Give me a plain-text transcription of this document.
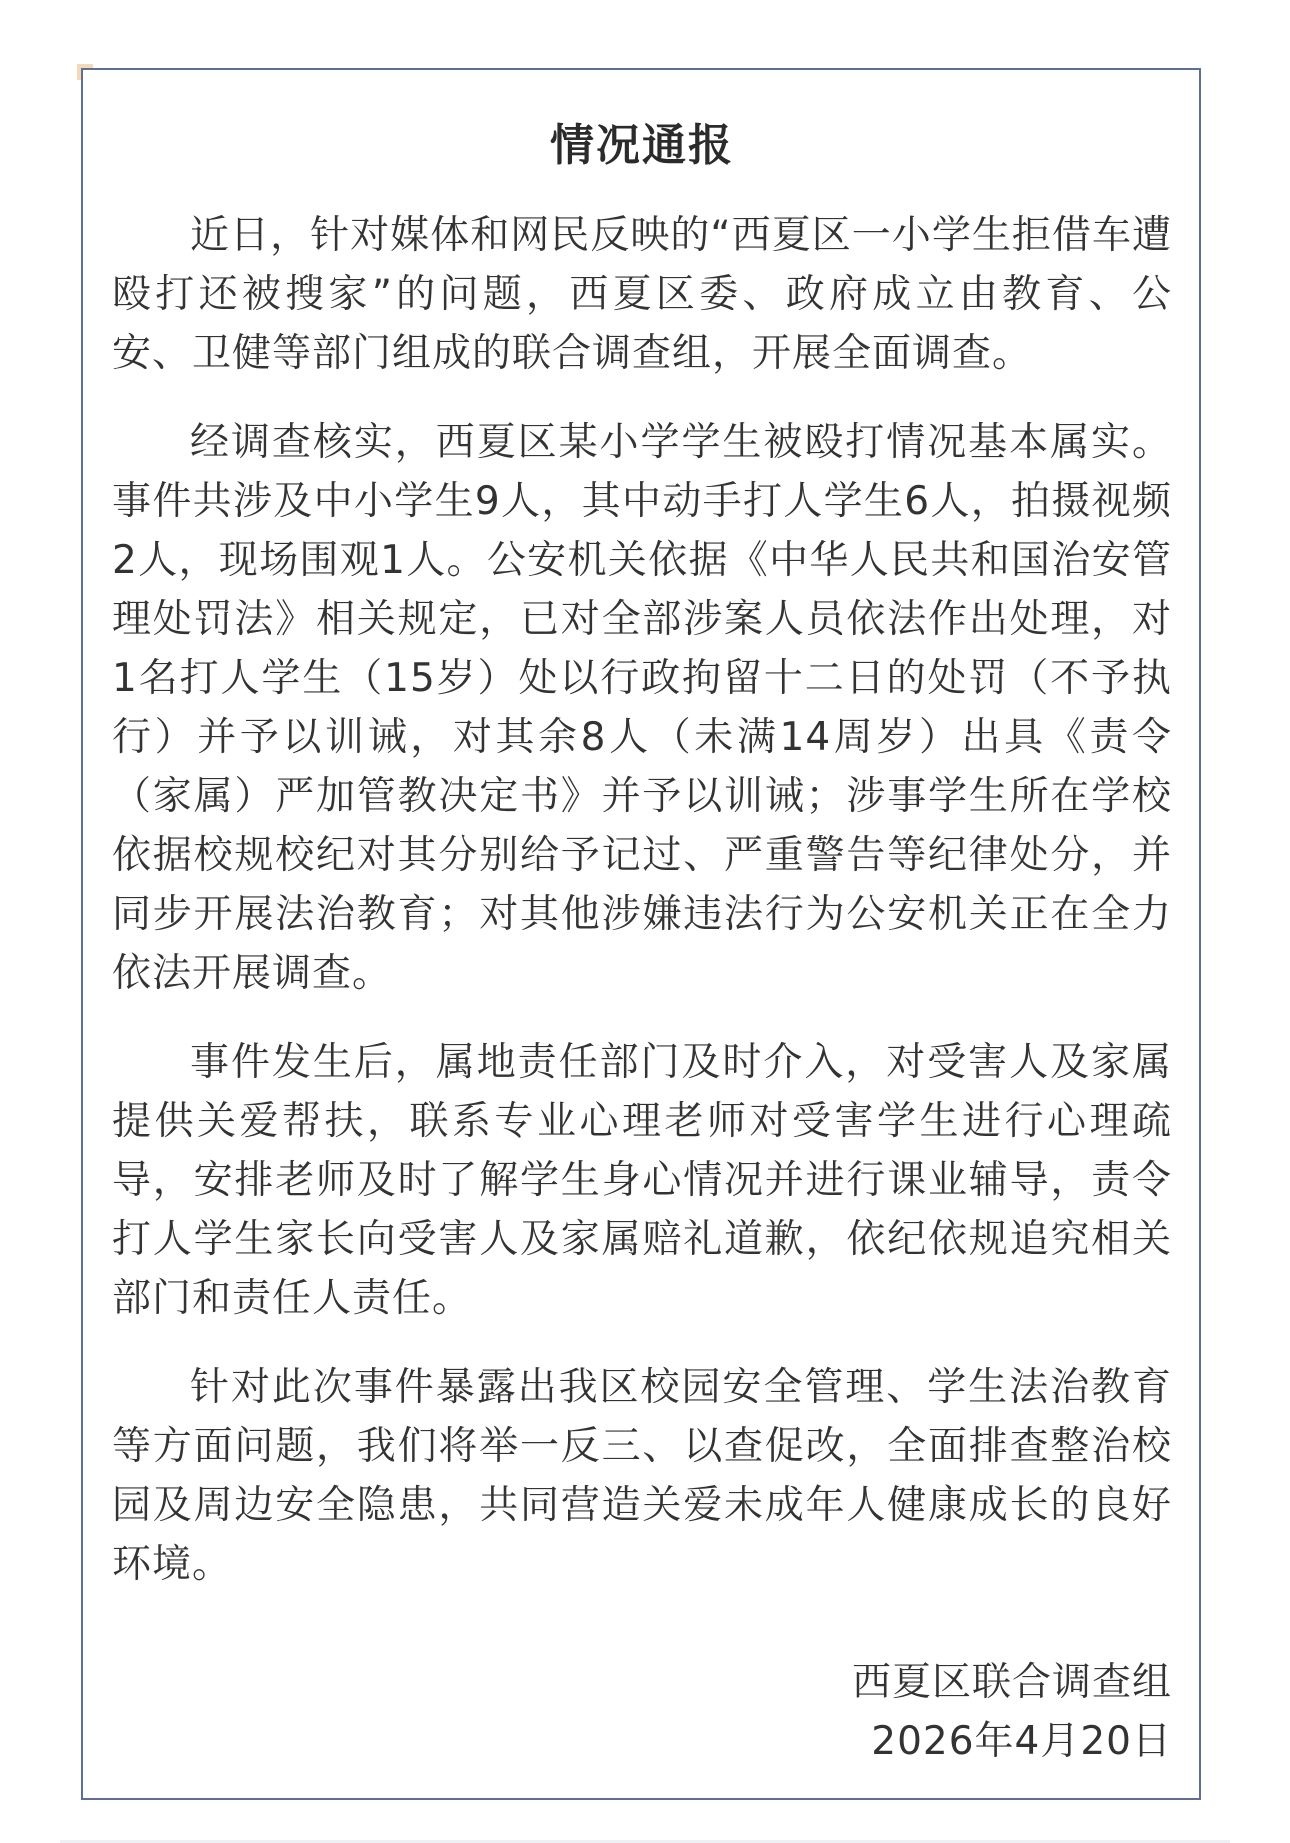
情况通报

近日，针对媒体和网民反映的“西夏区一小学生拒借车遭殴打还被搜家”的问题，西夏区委、政府成立由教育、公安、卫健等部门组成的联合调查组，开展全面调查。

经调查核实，西夏区某小学学生被殴打情况基本属实。事件共涉及中小学生9人，其中动手打人学生6人，拍摄视频2人，现场围观1人。公安机关依据《中华人民共和国治安管理处罚法》相关规定，已对全部涉案人员依法作出处理，对1名打人学生（15岁）处以行政拘留十二日的处罚（不予执行）并予以训诫，对其余8人（未满14周岁）出具《责令（家属）严加管教决定书》并予以训诫；涉事学生所在学校依据校规校纪对其分别给予记过、严重警告等纪律处分，并同步开展法治教育；对其他涉嫌违法行为公安机关正在全力依法开展调查。

事件发生后，属地责任部门及时介入，对受害人及家属提供关爱帮扶，联系专业心理老师对受害学生进行心理疏导，安排老师及时了解学生身心情况并进行课业辅导，责令打人学生家长向受害人及家属赔礼道歉，依纪依规追究相关部门和责任人责任。

针对此次事件暴露出我区校园安全管理、学生法治教育等方面问题，我们将举一反三、以查促改，全面排查整治校园及周边安全隐患，共同营造关爱未成年人健康成长的良好环境。

西夏区联合调查组
2026年4月20日
